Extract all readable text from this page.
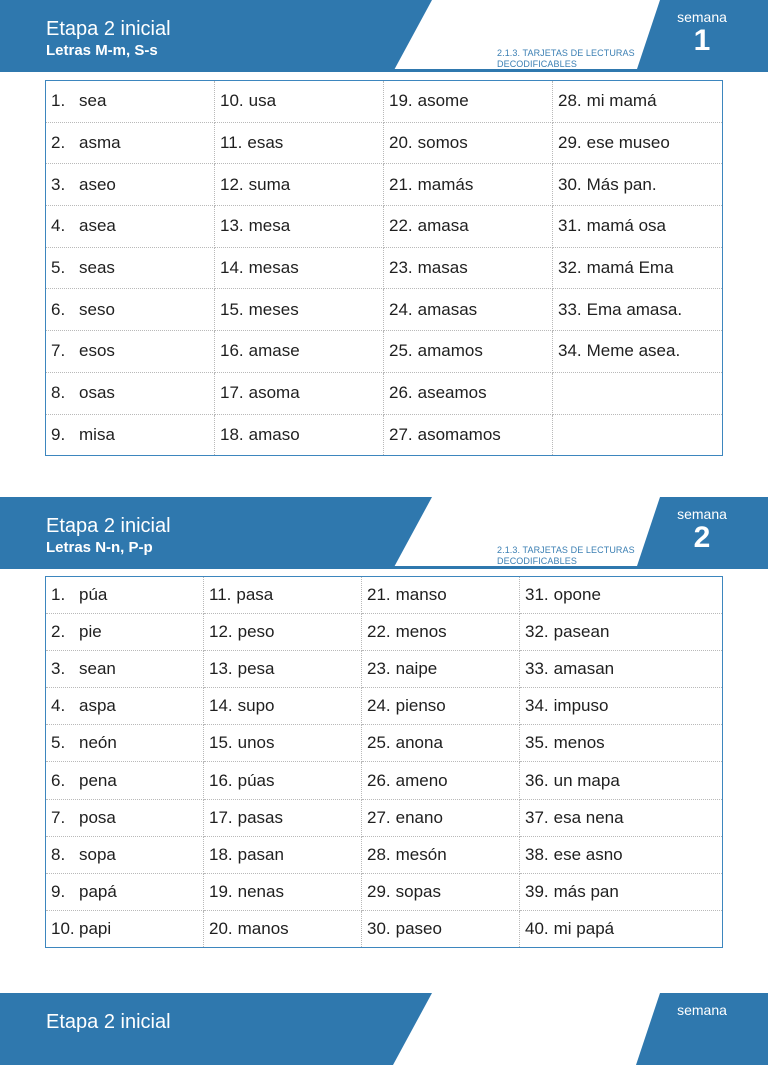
Etapa 2 inicial
Letras M-m, S-s	2.1.3. TARJETAS DE LECTURAS DECODIFICABLES
semana
1
1. sea	10. usa	19. asome	28. mi mamá
2. asma	11. esas	20. somos	29. ese museo
3. aseo	12. suma	21. mamás	30. Más pan.
4. asea	13. mesa	22. amasa	31. mamá osa
5. seas	14. mesas	23. masas	32. mamá Ema
6. seso	15. meses	24. amasas	33. Ema amasa.
7. esos	16. amase	25. amamos	34. Meme asea.
8. osas	17. asoma	26. aseamos	
9. misa	18. amaso	27. asomamos	
Etapa 2 inicial
Letras N-n, P-p	2.1.3. TARJETAS DE LECTURAS DECODIFICABLES
semana
2
1. púa	11. pasa	21. manso	31. opone
2. pie	12. peso	22. menos	32. pasean
3. sean	13. pesa	23. naipe	33. amasan
4. aspa	14. supo	24. pienso	34. impuso
5. neón	15. unos	25. anona	35. menos
6. pena	16. púas	26. ameno	36. un mapa
7. posa	17. pasas	27. enano	37. esa nena
8. sopa	18. pasan	28. mesón	38. ese asno
9. papá	19. nenas	29. sopas	39. más pan
10. papi	20. manos	30. paseo	40. mi papá
Etapa 2 inicial
semana
